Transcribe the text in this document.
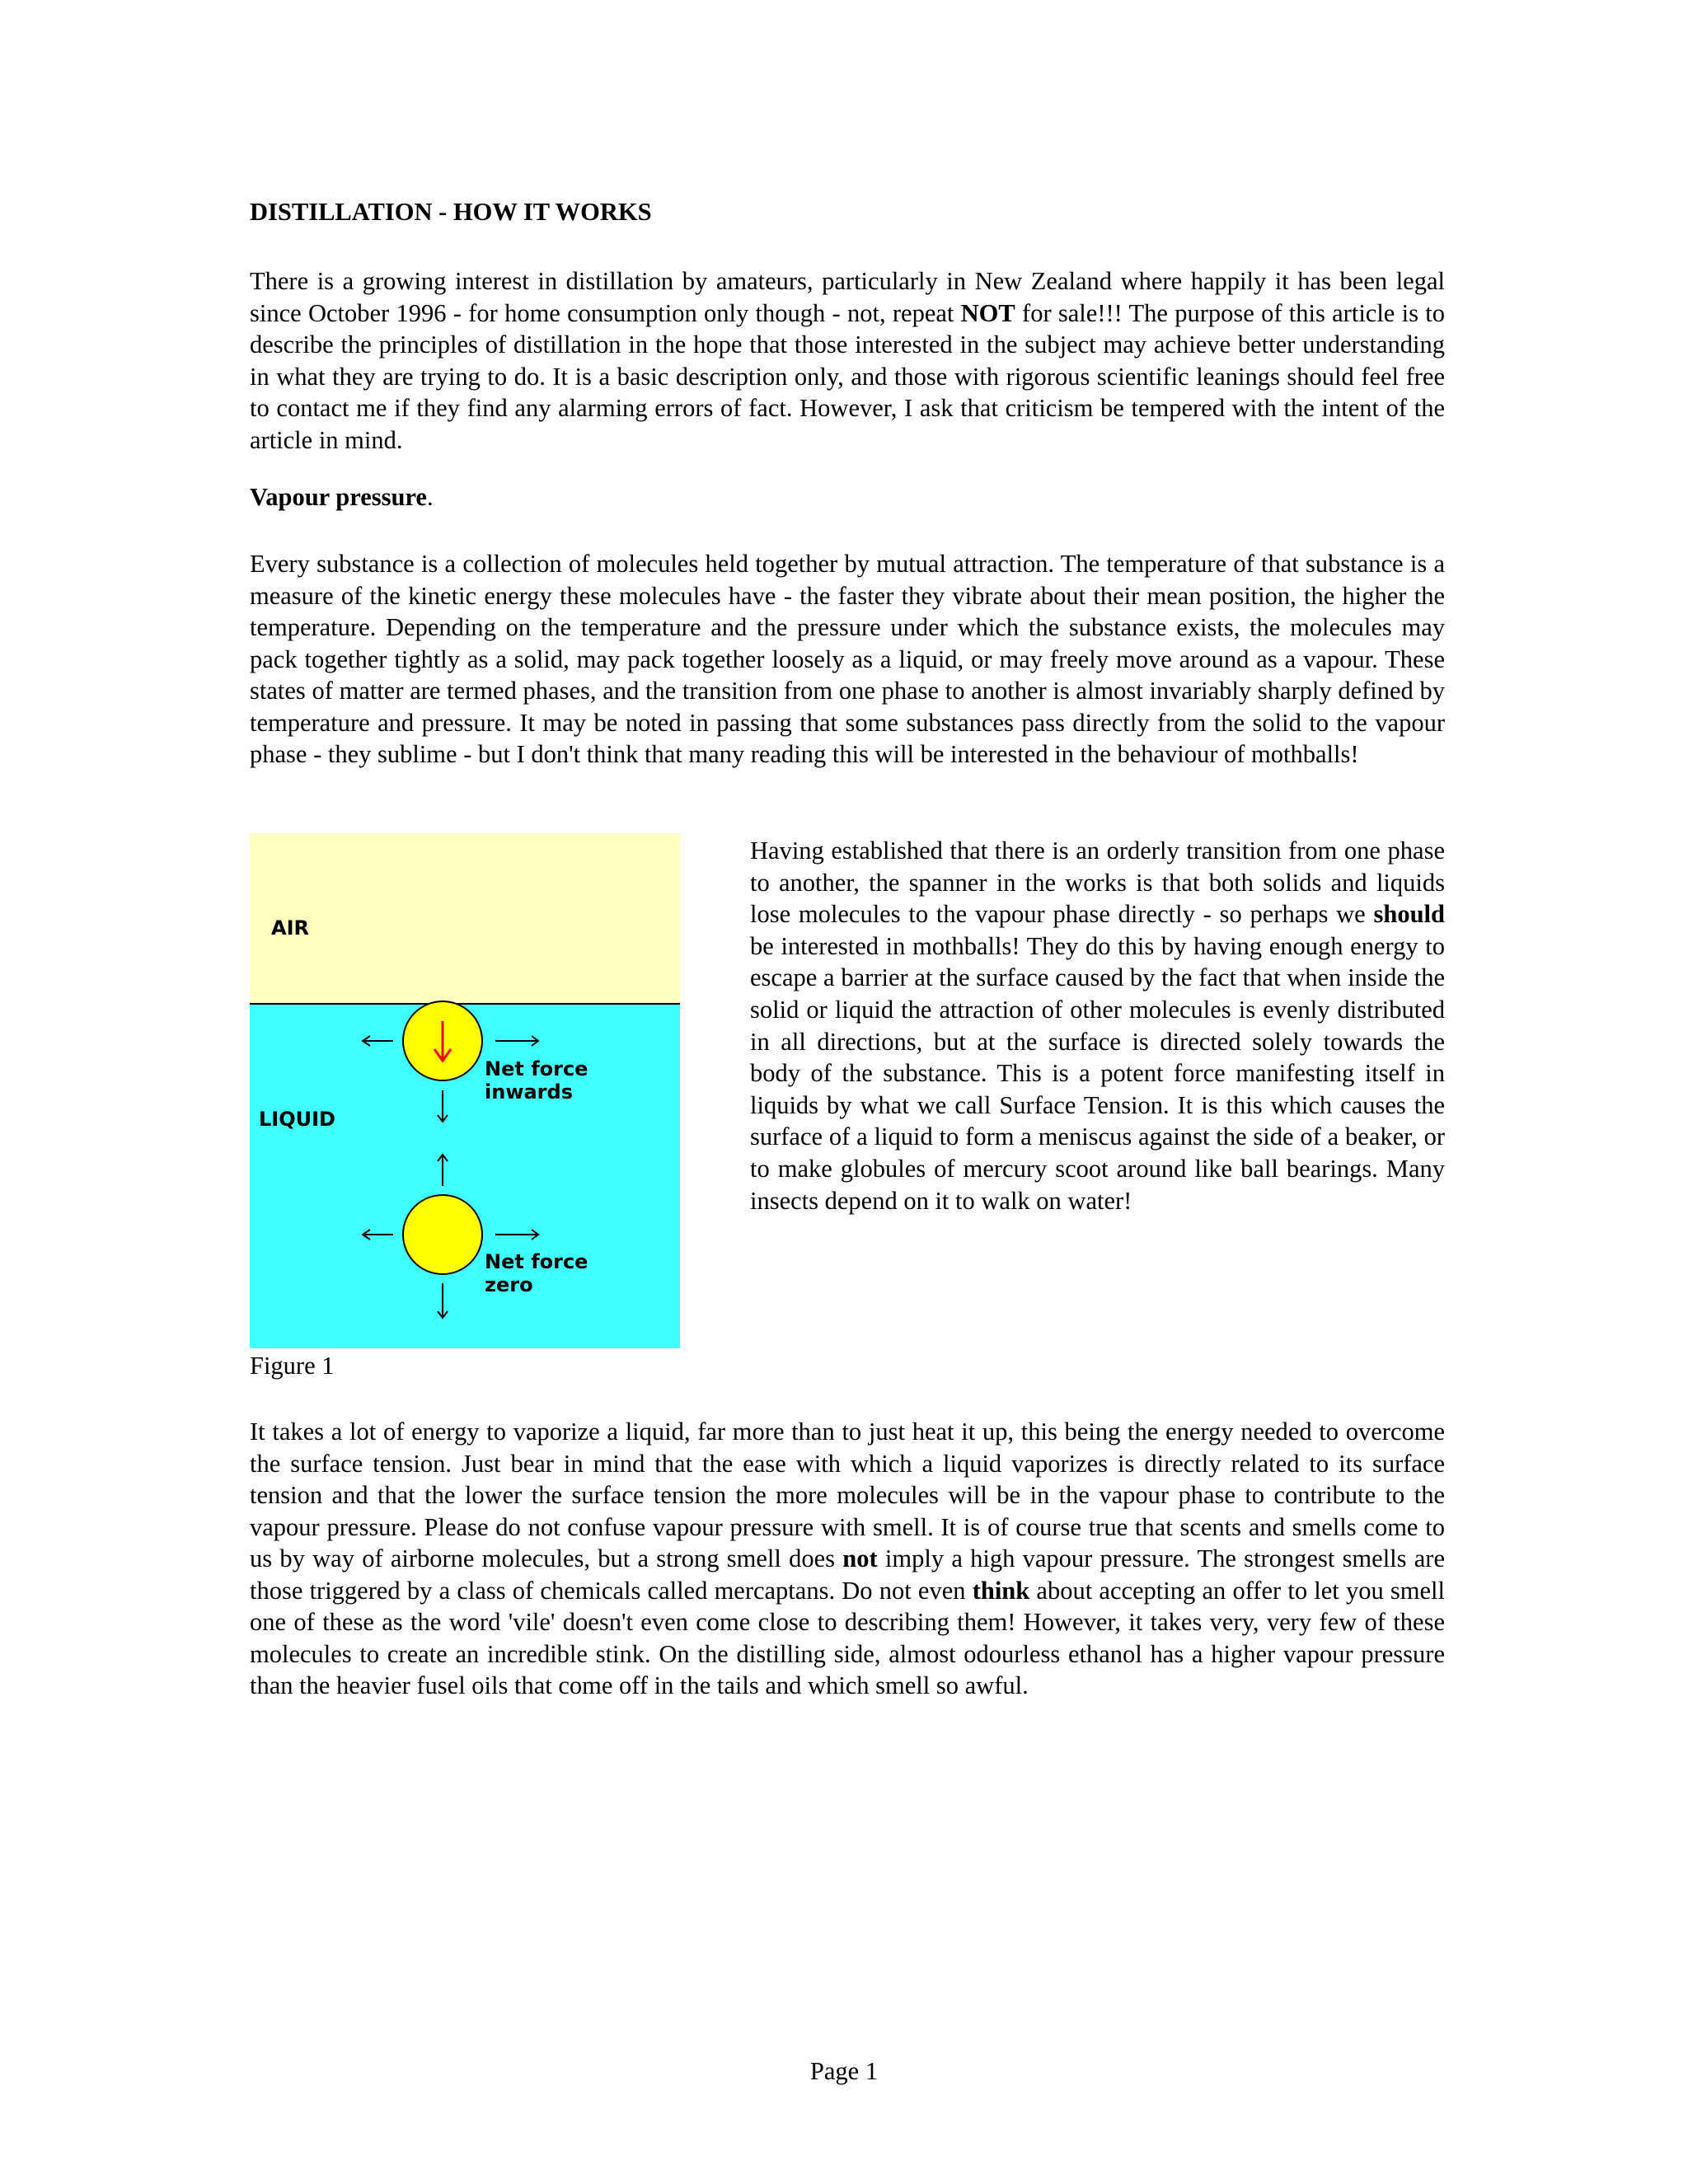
DISTILLATION - HOW IT WORKS
There is a growing interest in distillation by amateurs, particularly in New Zealand where happily it has been legal since October 1996 - for home consumption only though - not, repeat NOT for sale!!! The purpose of this article is to describe the principles of distillation in the hope that those interested in the subject may achieve better understanding in what they are trying to do. It is a basic description only, and those with rigorous scientific leanings should feel free to contact me if they find any alarming errors of fact. However, I ask that criticism be tempered with the intent of the article in mind.
Vapour pressure.
Every substance is a collection of molecules held together by mutual attraction. The temperature of that substance is a measure of the kinetic energy these molecules have - the faster they vibrate about their mean position, the higher the temperature. Depending on the temperature and the pressure under which the substance exists, the molecules may pack together tightly as a solid, may pack together loosely as a liquid, or may freely move around as a vapour. These states of matter are termed phases, and the transition from one phase to another is almost invariably sharply defined by temperature and pressure. It may be noted in passing that some substances pass directly from the solid to the vapour phase - they sublime - but I don't think that many reading this will be interested in the behaviour of mothballs!
AIR
LIQUID
Net force
inwards
Net force
zero
Figure 1
Having established that there is an orderly transition from one phase to another, the spanner in the works is that both solids and liquids lose molecules to the vapour phase directly - so perhaps we should be interested in mothballs! They do this by having enough energy to escape a barrier at the surface caused by the fact that when inside the solid or liquid the attraction of other molecules is evenly distributed in all directions, but at the surface is directed solely towards the body of the substance. This is a potent force manifesting itself in liquids by what we call Surface Tension. It is this which causes the surface of a liquid to form a meniscus against the side of a beaker, or to make globules of mercury scoot around like ball bearings. Many insects depend on it to walk on water!
It takes a lot of energy to vaporize a liquid, far more than to just heat it up, this being the energy needed to overcome the surface tension. Just bear in mind that the ease with which a liquid vaporizes is directly related to its surface tension and that the lower the surface tension the more molecules will be in the vapour phase to contribute to the vapour pressure. Please do not confuse vapour pressure with smell. It is of course true that scents and smells come to us by way of airborne molecules, but a strong smell does not imply a high vapour pressure. The strongest smells are those triggered by a class of chemicals called mercaptans. Do not even think about accepting an offer to let you smell one of these as the word 'vile' doesn't even come close to describing them! However, it takes very, very few of these molecules to create an incredible stink. On the distilling side, almost odourless ethanol has a higher vapour pressure than the heavier fusel oils that come off in the tails and which smell so awful.
Page 1
